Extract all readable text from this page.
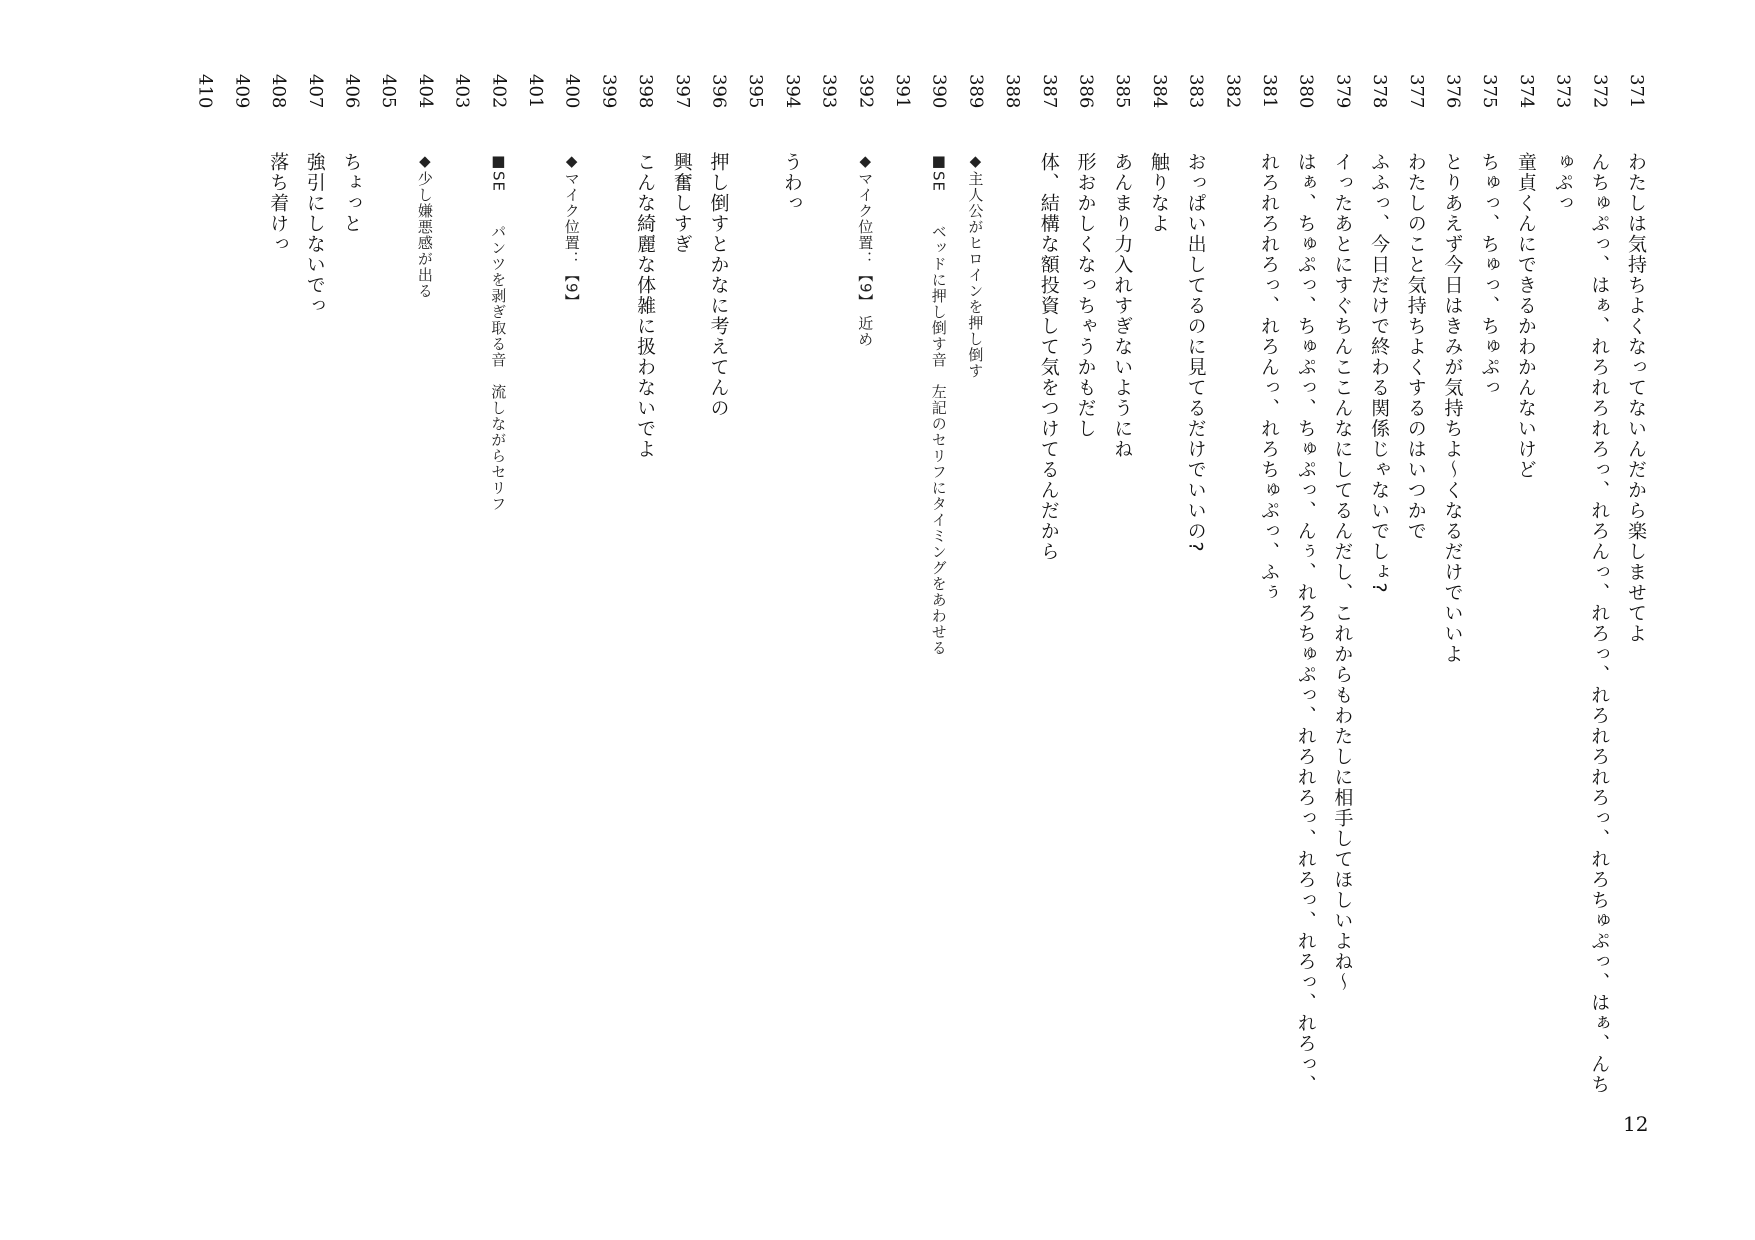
371
わたしは気持ちよくなってないんだから楽しませてよ
372
んちゅぷっ、はぁ、れろれろれろっ、れろんっ、れろっ、れろれろれろっ、れろちゅぷっ、はぁ、んち
373
ゅぷっ
374
童貞くんにできるかわかんないけど
375
ちゅっ、ちゅっ、ちゅぷっ
376
とりあえず今日はきみが気持ちよ～くなるだけでいいよ
377
わたしのこと気持ちよくするのはいつかで
378
ふふっ、今日だけで終わる関係じゃないでしょ?
379
イったあとにすぐちんここんなにしてるんだし、これからもわたしに相手してほしいよね～
380
はぁ、ちゅぷっ、ちゅぷっ、ちゅぷっ、んぅ、れろちゅぷっ、れろれろっ、れろっ、れろっ、れろっ、
381
れろれろれろっ、れろんっ、れろちゅぷっ、ふぅ
382
383
おっぱい出してるのに見てるだけでいいの?
384
触りなよ
385
あんまり力入れすぎないようにね
386
形おかしくなっちゃうかもだし
387
体、結構な額投資して気をつけてるんだから
388
389
◆主人公がヒロインを押し倒す
390
■SE　　ベッドに押し倒す音　左記のセリフにタイミングをあわせる
391
392
◆マイク位置：【9】 近め
393
394
うわっ
395
396
押し倒すとかなに考えてんの
397
興奮しすぎ
398
こんな綺麗な体雑に扱わないでよ
399
400
◆マイク位置：【9】
401
402
■SE　　パンツを剥ぎ取る音　流しながらセリフ
403
404
◆少し嫌悪感が出る
405
406
ちょっと
407
強引にしないでっ
408
落ち着けっ
409
410
12
